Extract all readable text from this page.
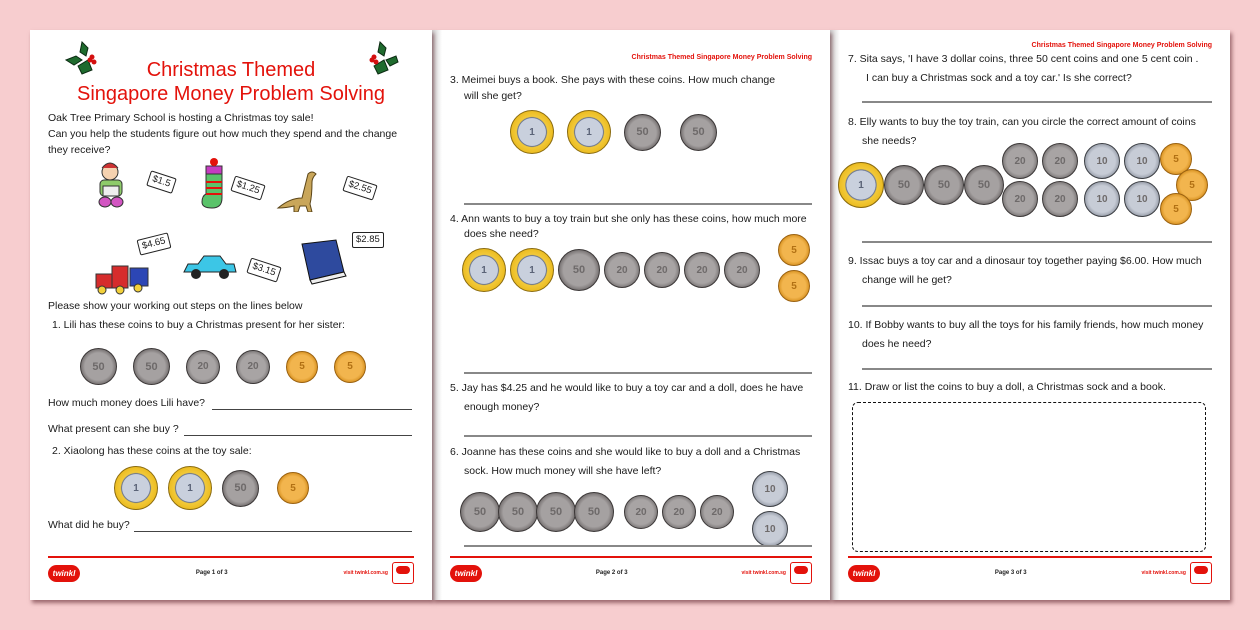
Christmas Themed
Singapore Money Problem Solving
Oak Tree Primary School is hosting a Christmas toy sale!
Can you help the students figure out how much they spend and the change
they receive?
$1.5	$1.25	$2.55
$4.65
$3.15
$2.85
Please show your working out steps on the lines below
1. Lili has these coins to buy a Christmas present for her sister:
50	50	20	20	5	5
How much money does Lili have?
What present can she buy ?
2. Xiaolong has these coins at the toy sale:
1	1	50	5
What did he buy?
twinkl	Page 1 of 3	visit twinkl.com.sg
Christmas Themed Singapore Money Problem Solving
3. Meimei buys a book. She pays with these coins. How much change
will she get?
1	1	50	50
4. Ann wants to buy a toy train but she only has these coins, how much more
does she need?
1	1	50	20	20	20	20
5
5
5. Jay has $4.25 and he would like to buy a toy car and a doll, does he have
enough money?
6. Joanne has these coins and she would like to buy a doll and a Christmas
sock. How much money will she have left?
50	50	50	50	20	20	20
10
10
twinkl	Page 2 of 3	visit twinkl.com.sg
Christmas Themed Singapore Money Problem Solving
7. Sita says, 'I have 3 dollar coins, three 50 cent coins and one 5 cent coin .
I can buy a Christmas sock and a toy car.' Is she correct?
8. Elly wants to buy the toy train, can you circle the correct amount of coins
she needs?
1	50	50	50
20	20
20	20
10	10
10	10
5
5
5
9. Issac buys a toy car and a dinosaur toy together paying $6.00. How much
change will he get?
10. If Bobby wants to buy all the toys for his family friends, how much money
does he need?
11. Draw or list the coins to buy a doll, a Christmas sock and a book.
twinkl	Page 3 of 3	visit twinkl.com.sg
